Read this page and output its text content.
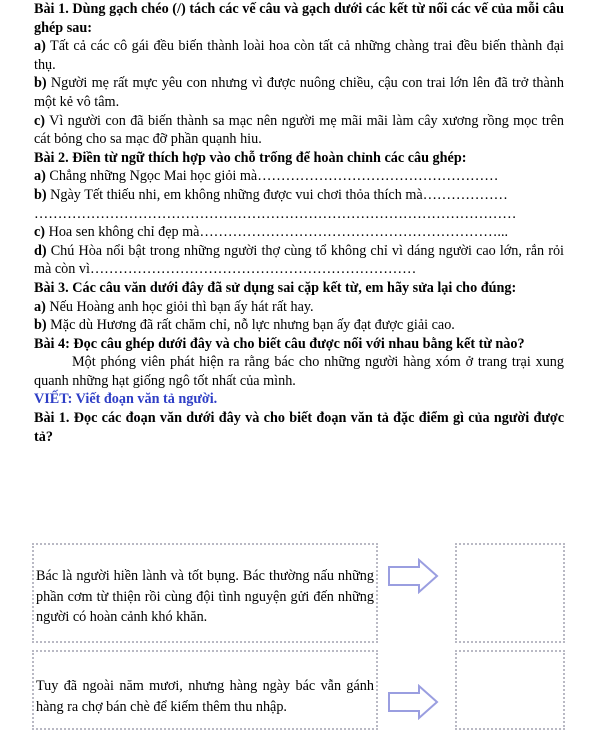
Bài 1. Dùng gạch chéo (/) tách các vế câu và gạch dưới các kết từ nối các vế của mỗi câu ghép sau:

a) Tất cả các cô gái đều biến thành loài hoa còn tất cả những chàng trai đều biến thành đại thụ.

b) Người mẹ rất mực yêu con nhưng vì được nuông chiều, cậu con trai lớn lên đã trở thành một kẻ vô tâm.

c) Vì người con đã biến thành sa mạc nên người mẹ mãi mãi làm cây xương rồng mọc trên cát bỏng cho sa mạc đỡ phần quạnh hiu.

Bài 2. Điền từ ngữ thích hợp vào chỗ trống để hoàn chỉnh các câu ghép:

a) Chẳng những Ngọc Mai học giỏi mà……………………………………………

b) Ngày Tết thiếu nhi, em không những được vui chơi thỏa thích mà………………

…………………………………………………………………………………………

c) Hoa sen không chỉ đẹp mà………………………………………………………...

d) Chú Hòa nổi bật trong những người thợ cùng tổ không chỉ vì dáng người cao lớn, rắn rỏi mà còn vì……………………………………………………………

Bài 3. Các câu văn dưới đây đã sử dụng sai cặp kết từ, em hãy sửa lại cho đúng:

a) Nếu Hoàng anh học giỏi thì bạn ấy hát rất hay.

b) Mặc dù Hương đã rất chăm chỉ, nỗ lực nhưng bạn ấy đạt được giải cao.

Bài 4: Đọc câu ghép dưới đây và cho biết câu được nối với nhau bằng kết từ nào?

Một phóng viên phát hiện ra rằng bác cho những người hàng xóm ở trang trại xung quanh những hạt giống ngô tốt nhất của mình.

VIẾT: Viết đoạn văn tả người.

Bài 1. Đọc các đoạn văn dưới đây và cho biết đoạn văn tả đặc điểm gì của người được tả?

Bác là người hiền lành và tốt bụng. Bác thường nấu những phần cơm từ thiện rồi cùng đội tình nguyện gửi đến những người có hoàn cảnh khó khăn.
Tuy đã ngoài năm mươi, nhưng hàng ngày bác vẫn gánh hàng ra chợ bán chè để kiếm thêm thu nhập.
